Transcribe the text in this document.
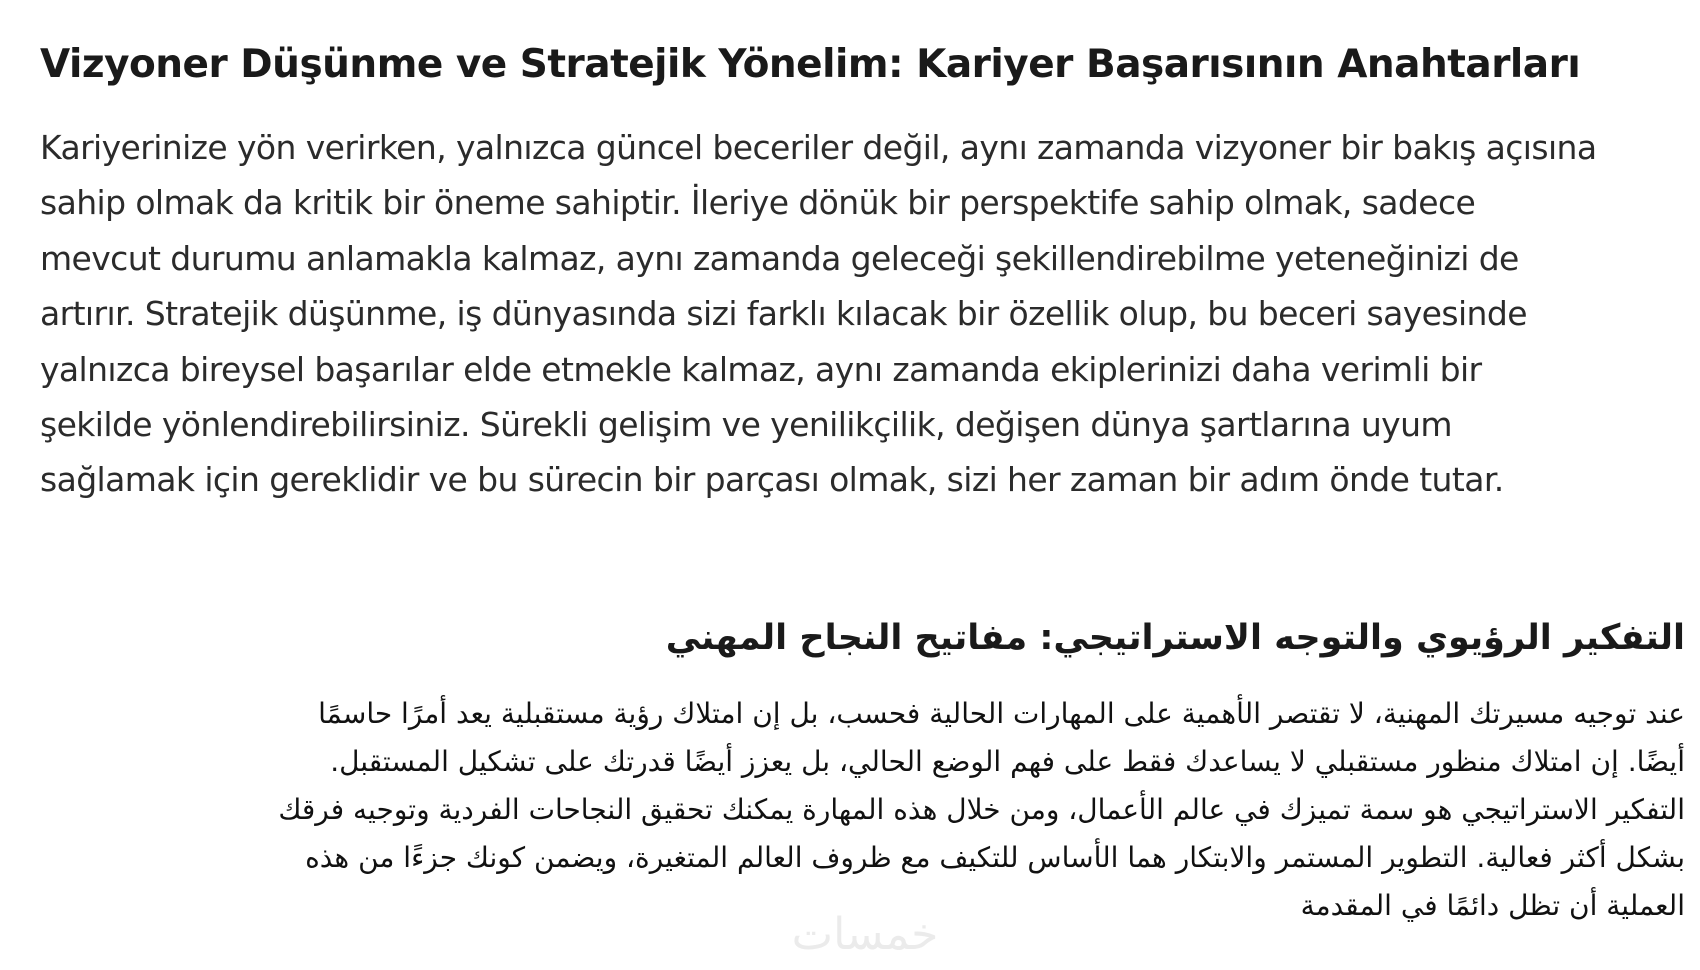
Vizyoner Düşünme ve Stratejik Yönelim: Kariyer Başarısının Anahtarları

Kariyerinize yön verirken, yalnızca güncel beceriler değil, aynı zamanda vizyoner bir bakış açısına
sahip olmak da kritik bir öneme sahiptir. İleriye dönük bir perspektife sahip olmak, sadece
mevcut durumu anlamakla kalmaz, aynı zamanda geleceği şekillendirebilme yeteneğinizi de
artırır. Stratejik düşünme, iş dünyasında sizi farklı kılacak bir özellik olup, bu beceri sayesinde
yalnızca bireysel başarılar elde etmekle kalmaz, aynı zamanda ekiplerinizi daha verimli bir
şekilde yönlendirebilirsiniz. Sürekli gelişim ve yenilikçilik, değişen dünya şartlarına uyum
sağlamak için gereklidir ve bu sürecin bir parçası olmak, sizi her zaman bir adım önde tutar.

التفكير الرؤيوي والتوجه الاستراتيجي: مفاتيح النجاح المهني

عند توجيه مسيرتك المهنية، لا تقتصر الأهمية على المهارات الحالية فحسب، بل إن امتلاك رؤية مستقبلية يعد أمرًا حاسمًا
أيضًا. إن امتلاك منظور مستقبلي لا يساعدك فقط على فهم الوضع الحالي، بل يعزز أيضًا قدرتك على تشكيل المستقبل.
التفكير الاستراتيجي هو سمة تميزك في عالم الأعمال، ومن خلال هذه المهارة يمكنك تحقيق النجاحات الفردية وتوجيه فرقك
بشكل أكثر فعالية. التطوير المستمر والابتكار هما الأساس للتكيف مع ظروف العالم المتغيرة، ويضمن كونك جزءًا من هذه
العملية أن تظل دائمًا في المقدمة

خمسات
